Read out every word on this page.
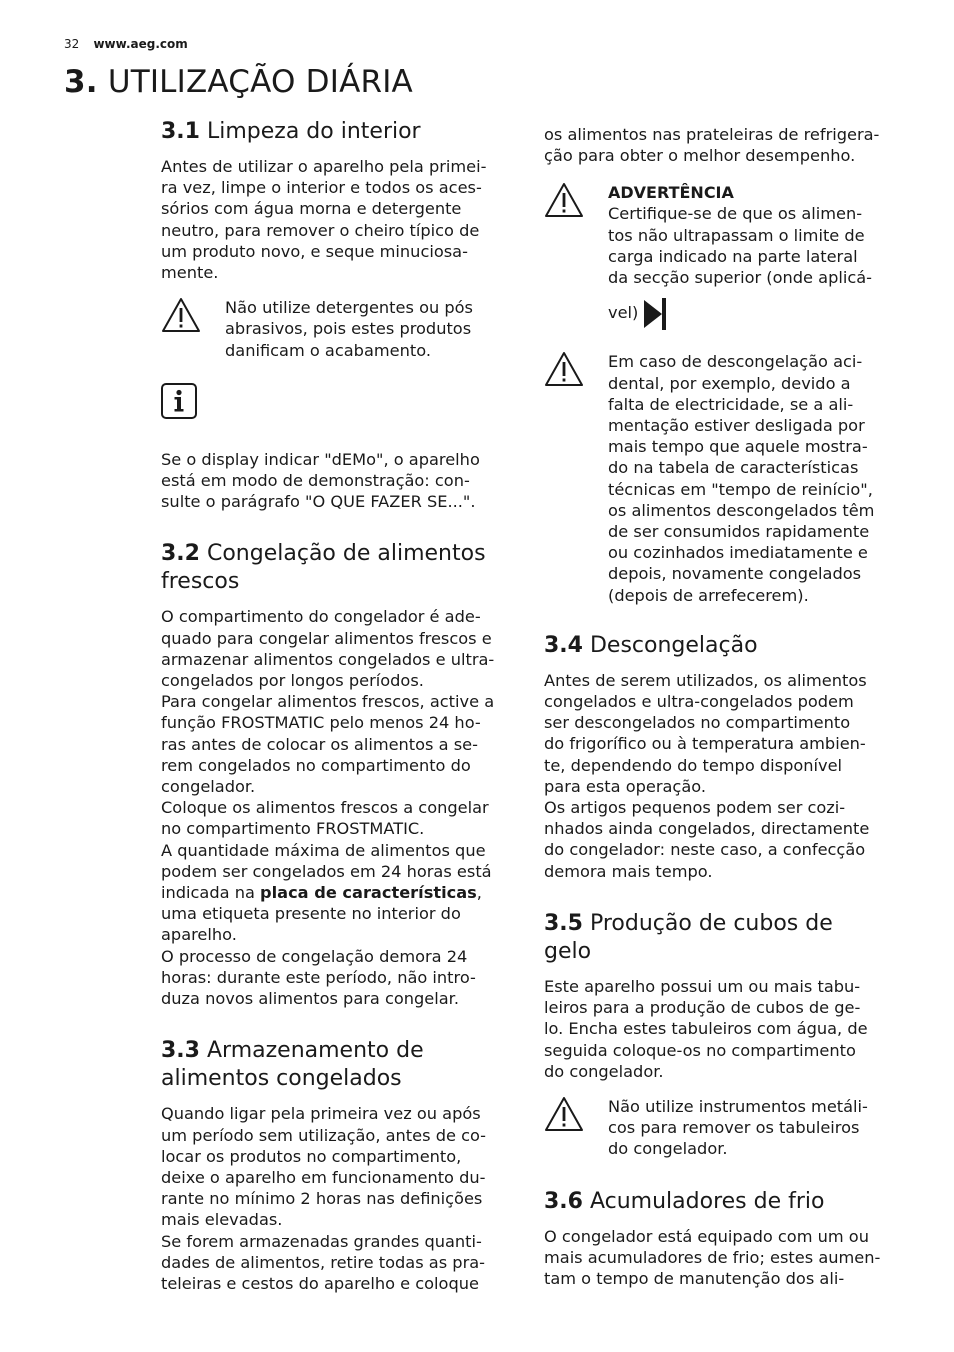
32 www.aeg.com
3. UTILIZAÇÃO DIÁRIA
3.1 Limpeza do interior

Antes de utilizar o aparelho pela primei-
ra vez, limpe o interior e todos os aces-
sórios com água morna e detergente
neutro, para remover o cheiro típico de
um produto novo, e seque minuciosa-
mente.

Não utilize detergentes ou pós
abrasivos, pois estes produtos
danificam o acabamento.

Se o display indicar "dEMo", o aparelho
está em modo de demonstração: con-
sulte o parágrafo "O QUE FAZER SE...".

3.2 Congelação de alimentos
frescos

O compartimento do congelador é ade-
quado para congelar alimentos frescos e
armazenar alimentos congelados e ultra-
congelados por longos períodos.
Para congelar alimentos frescos, active a
função FROSTMATIC pelo menos 24 ho-
ras antes de colocar os alimentos a se-
rem congelados no compartimento do
congelador.
Coloque os alimentos frescos a congelar
no compartimento FROSTMATIC.
A quantidade máxima de alimentos que
podem ser congelados em 24 horas está
indicada na placa de características,
uma etiqueta presente no interior do
aparelho.
O processo de congelação demora 24
horas: durante este período, não intro-
duza novos alimentos para congelar.

3.3 Armazenamento de
alimentos congelados

Quando ligar pela primeira vez ou após
um período sem utilização, antes de co-
locar os produtos no compartimento,
deixe o aparelho em funcionamento du-
rante no mínimo 2 horas nas definições
mais elevadas.
Se forem armazenadas grandes quanti-
dades de alimentos, retire todas as pra-
teleiras e cestos do aparelho e coloque

os alimentos nas prateleiras de refrigera-
ção para obter o melhor desempenho.

ADVERTÊNCIA

Certifique-se de que os alimen-
tos não ultrapassam o limite de
carga indicado na parte lateral
da secção superior (onde aplicá-

vel)

Em caso de descongelação aci-
dental, por exemplo, devido a
falta de electricidade, se a ali-
mentação estiver desligada por
mais tempo que aquele mostra-
do na tabela de características
técnicas em "tempo de reinício",
os alimentos descongelados têm
de ser consumidos rapidamente
ou cozinhados imediatamente e
depois, novamente congelados
(depois de arrefecerem).

3.4 Descongelação

Antes de serem utilizados, os alimentos
congelados e ultra-congelados podem
ser descongelados no compartimento
do frigorífico ou à temperatura ambien-
te, dependendo do tempo disponível
para esta operação.
Os artigos pequenos podem ser cozi-
nhados ainda congelados, directamente
do congelador: neste caso, a confecção
demora mais tempo.

3.5 Produção de cubos de
gelo

Este aparelho possui um ou mais tabu-
leiros para a produção de cubos de ge-
lo. Encha estes tabuleiros com água, de
seguida coloque-os no compartimento
do congelador.

Não utilize instrumentos metáli-
cos para remover os tabuleiros
do congelador.

3.6 Acumuladores de frio

O congelador está equipado com um ou
mais acumuladores de frio; estes aumen-
tam o tempo de manutenção dos ali-
